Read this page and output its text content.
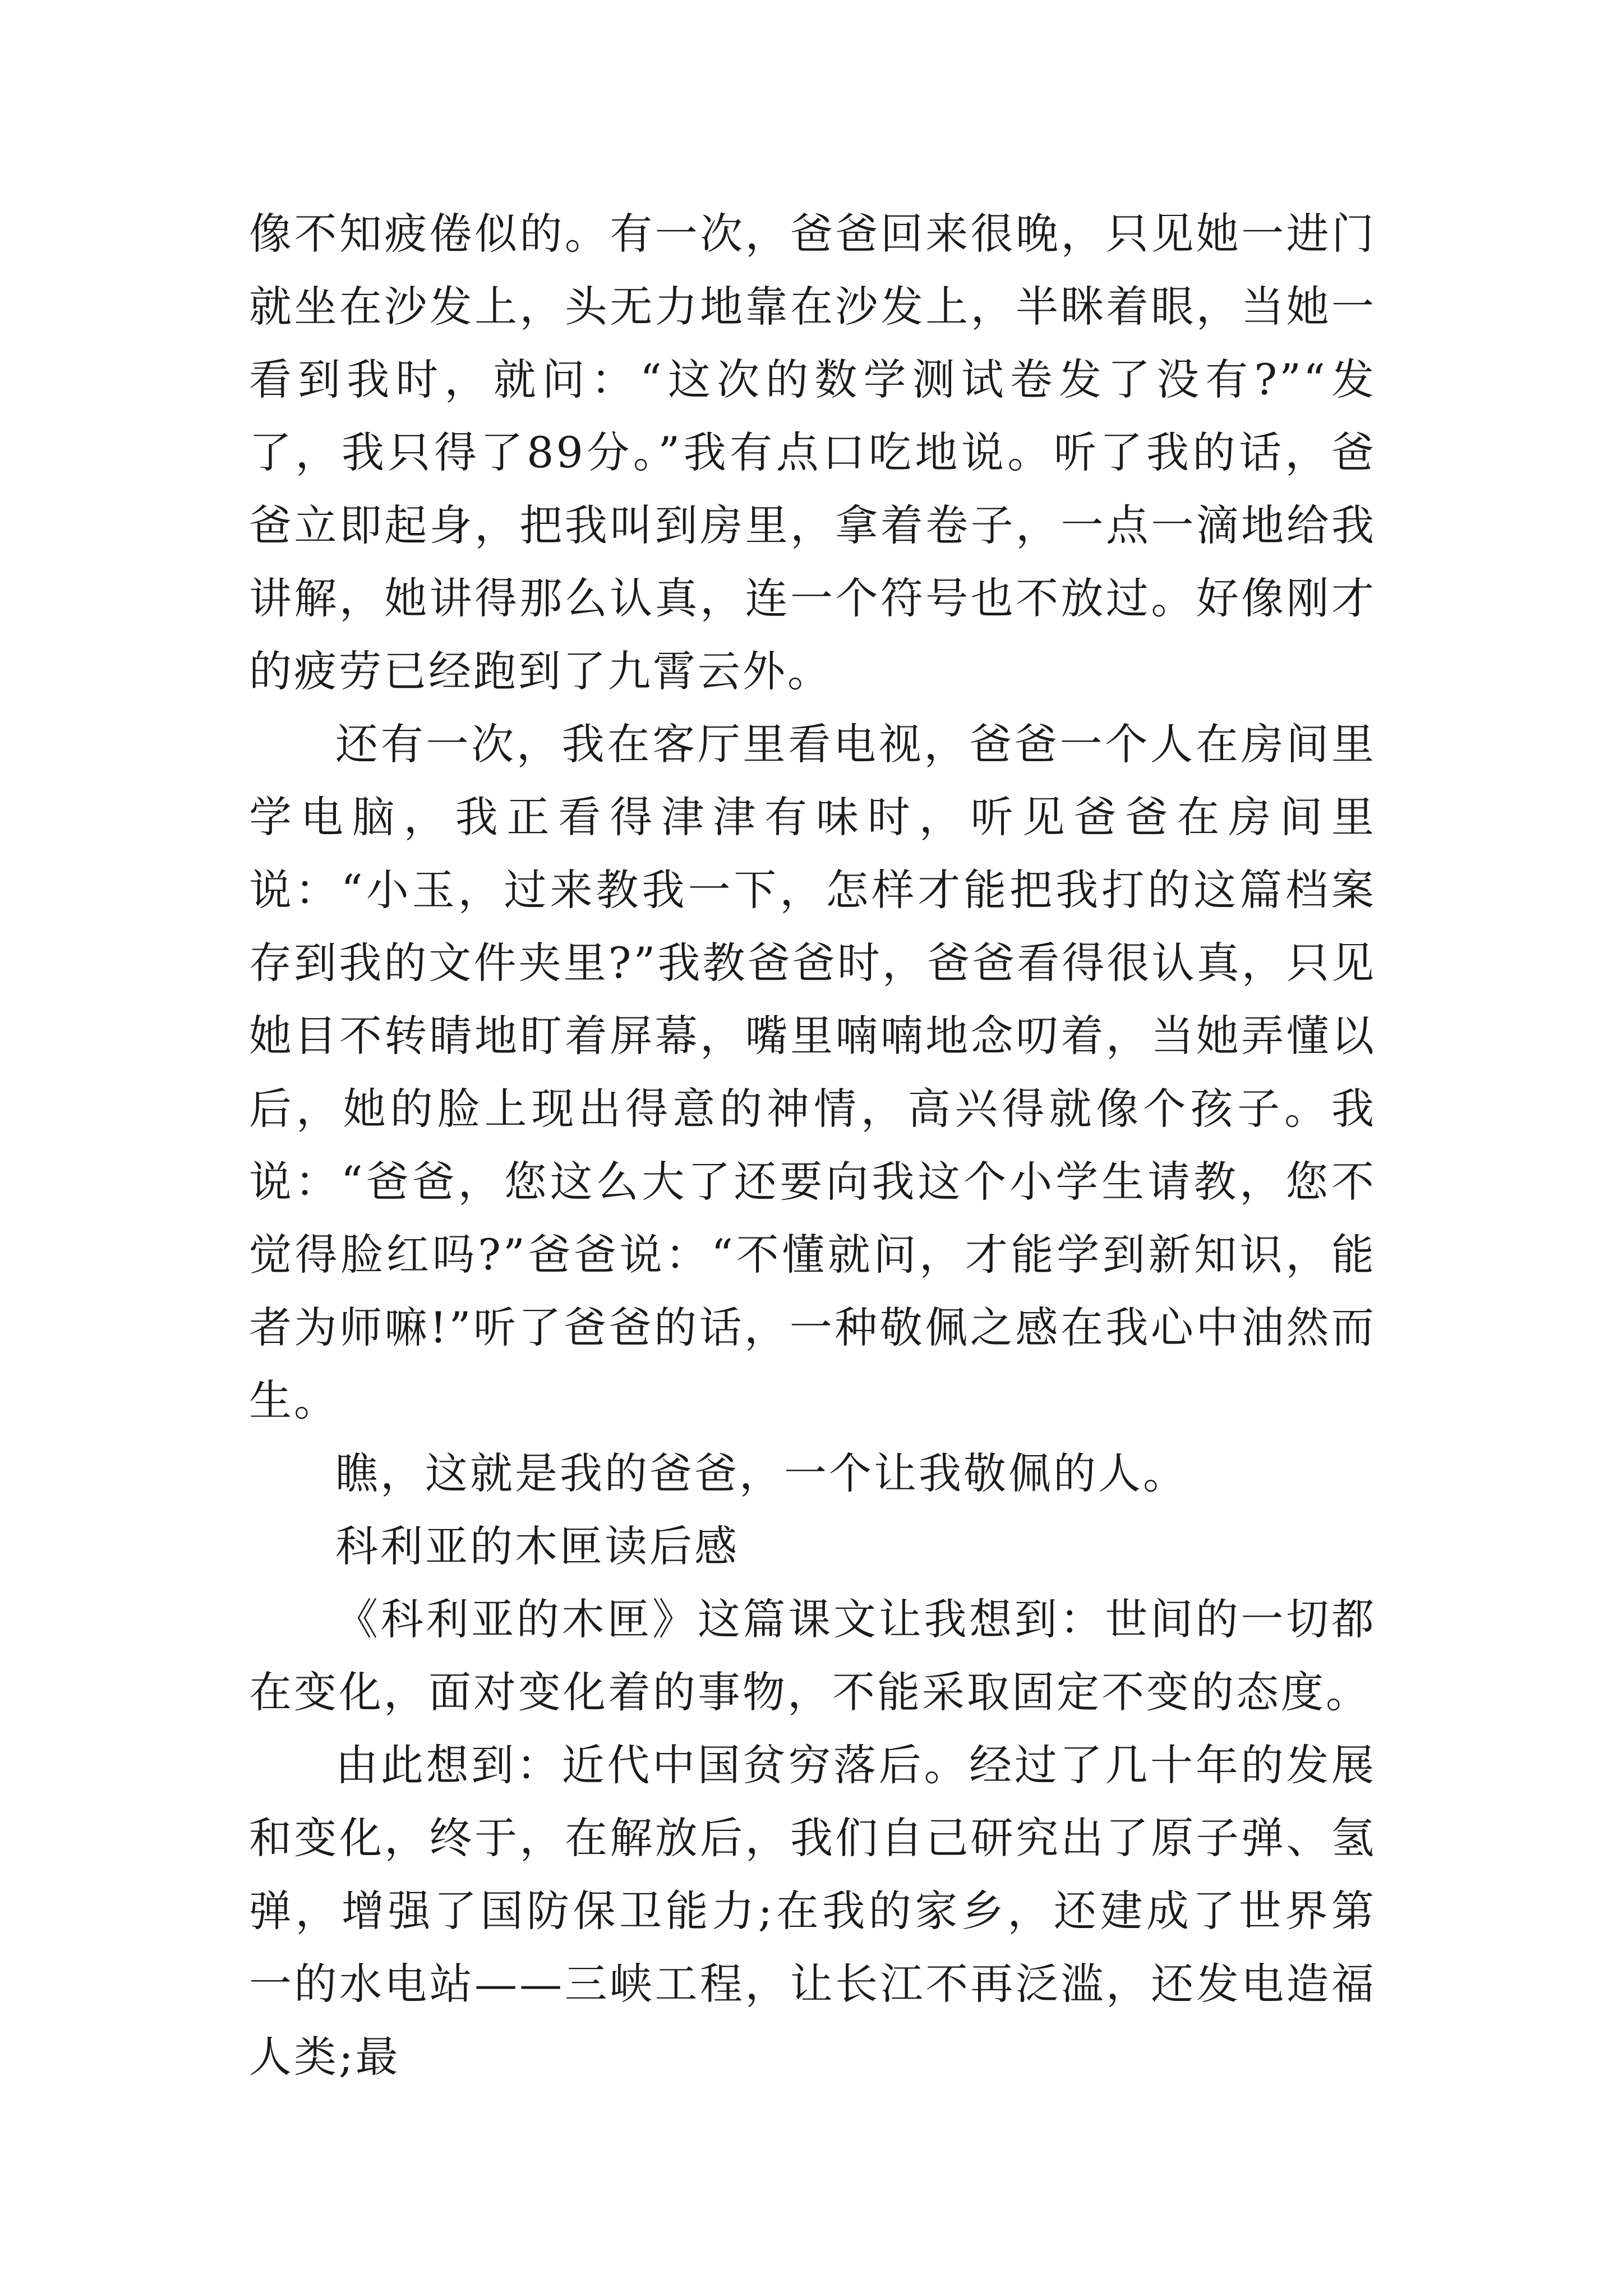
像不知疲倦似的。有一次，爸爸回来很晚，只见她一进门就坐在沙发上，头无力地靠在沙发上，半眯着眼，当她一看到我时，就问：“这次的数学测试卷发了没有?”“发了，我只得了89分。”我有点口吃地说。听了我的话，爸爸立即起身，把我叫到房里，拿着卷子，一点一滴地给我讲解，她讲得那么认真，连一个符号也不放过。好像刚才的疲劳已经跑到了九霄云外。

还有一次，我在客厅里看电视，爸爸一个人在房间里学电脑，我正看得津津有味时，听见爸爸在房间里说：“小玉，过来教我一下，怎样才能把我打的这篇档案存到我的文件夹里?”我教爸爸时，爸爸看得很认真，只见她目不转睛地盯着屏幕，嘴里喃喃地念叨着，当她弄懂以后，她的脸上现出得意的神情，高兴得就像个孩子。我说：“爸爸，您这么大了还要向我这个小学生请教，您不觉得脸红吗?”爸爸说：“不懂就问，才能学到新知识，能者为师嘛!”听了爸爸的话，一种敬佩之感在我心中油然而生。

瞧，这就是我的爸爸，一个让我敬佩的人。

科利亚的木匣读后感

《科利亚的木匣》这篇课文让我想到：世间的一切都在变化，面对变化着的事物，不能采取固定不变的态度。

由此想到：近代中国贫穷落后。经过了几十年的发展和变化，终于，在解放后，我们自己研究出了原子弹、氢弹，增强了国防保卫能力;在我的家乡，还建成了世界第一的水电站——三峡工程，让长江不再泛滥，还发电造福人类;最
